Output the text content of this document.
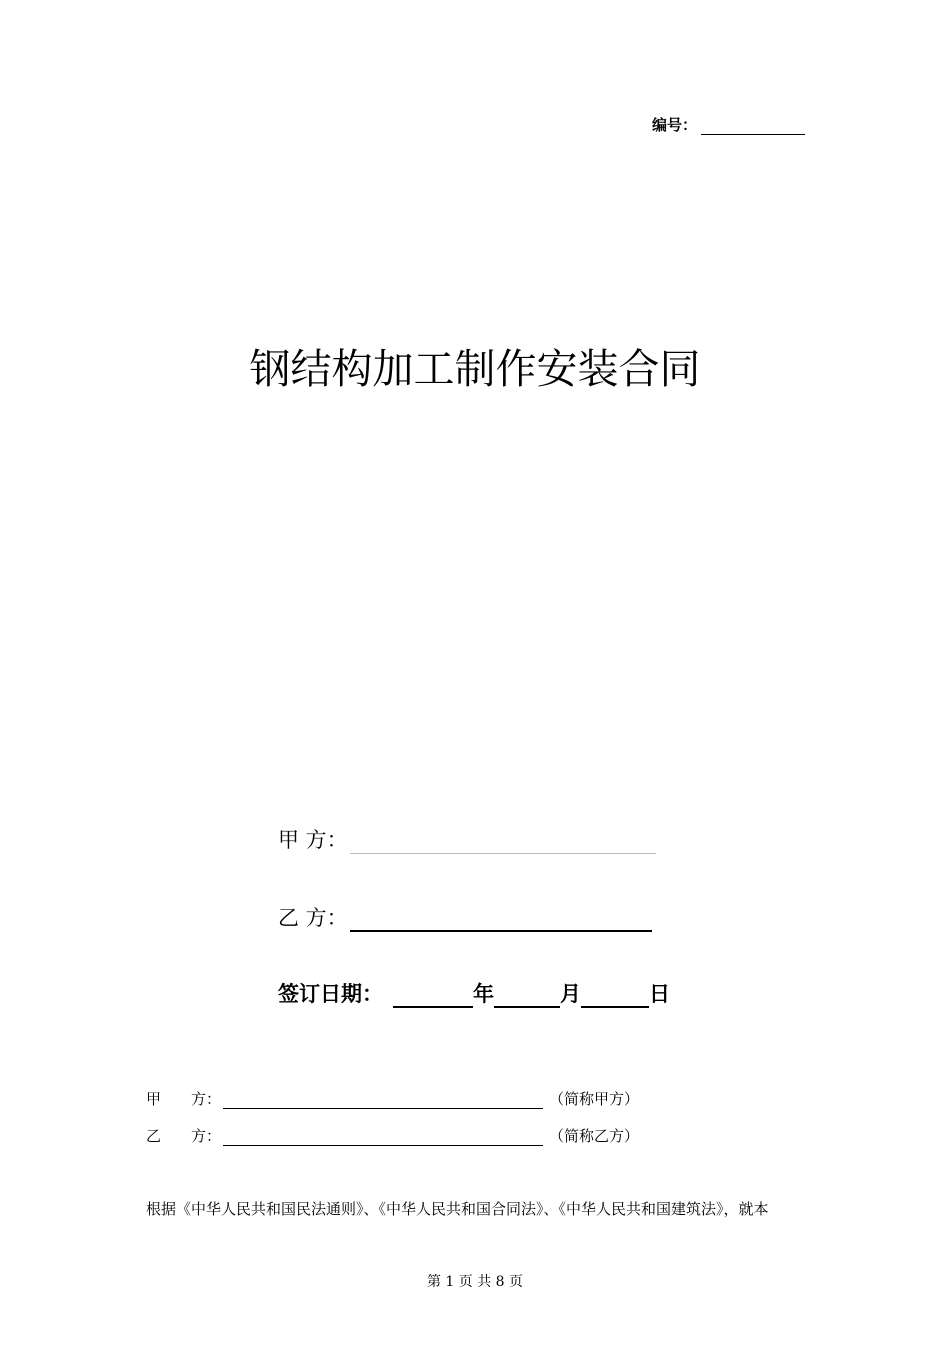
编号：
钢结构加工制作安装合同
甲 方：
乙 方：
签订日期：	年	月	日
甲　　方：	（简称甲方）
乙　　方：	（简称乙方）
根据《中华人民共和国民法通则》、《中华人民共和国合同法》、《中华人民共和国建筑法》，就本
第 1 页 共 8 页
